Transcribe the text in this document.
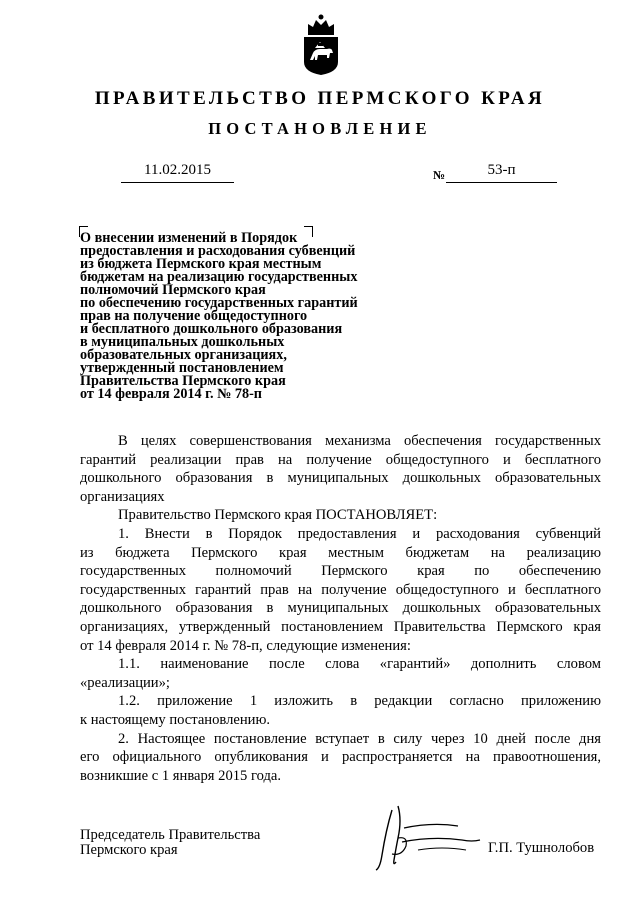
ПРАВИТЕЛЬСТВО ПЕРМСКОГО КРАЯ
ПОСТАНОВЛЕНИЕ
11.02.2015	№	53-п
О внесении изменений в Порядок
предоставления и расходования субвенций
из бюджета Пермского края местным
бюджетам на реализацию государственных
полномочий Пермского края
по обеспечению государственных гарантий
прав на получение общедоступного
и бесплатного дошкольного образования
в муниципальных дошкольных
образовательных организациях,
утвержденный постановлением
Правительства Пермского края
от 14 февраля 2014 г. № 78-п
В целях совершенствования механизма обеспечения государственных
гарантий реализации прав на получение общедоступного и бесплатного
дошкольного образования в муниципальных дошкольных образовательных
организациях
Правительство Пермского края ПОСТАНОВЛЯЕТ:
1. Внести в Порядок предоставления и расходования субвенций
из бюджета Пермского края местным бюджетам на реализацию
государственных полномочий Пермского края по обеспечению
государственных гарантий прав на получение общедоступного и бесплатного
дошкольного образования в муниципальных дошкольных образовательных
организациях, утвержденный постановлением Правительства Пермского края
от 14 февраля 2014 г. № 78-п, следующие изменения:
1.1. наименование после слова «гарантий» дополнить словом
«реализации»;
1.2. приложение 1 изложить в редакции согласно приложению
к настоящему постановлению.
2. Настоящее постановление вступает в силу через 10 дней после дня
его официального опубликования и распространяется на правоотношения,
возникшие с 1 января 2015 года.
Председатель Правительства
Пермского края	Г.П. Тушнолобов
